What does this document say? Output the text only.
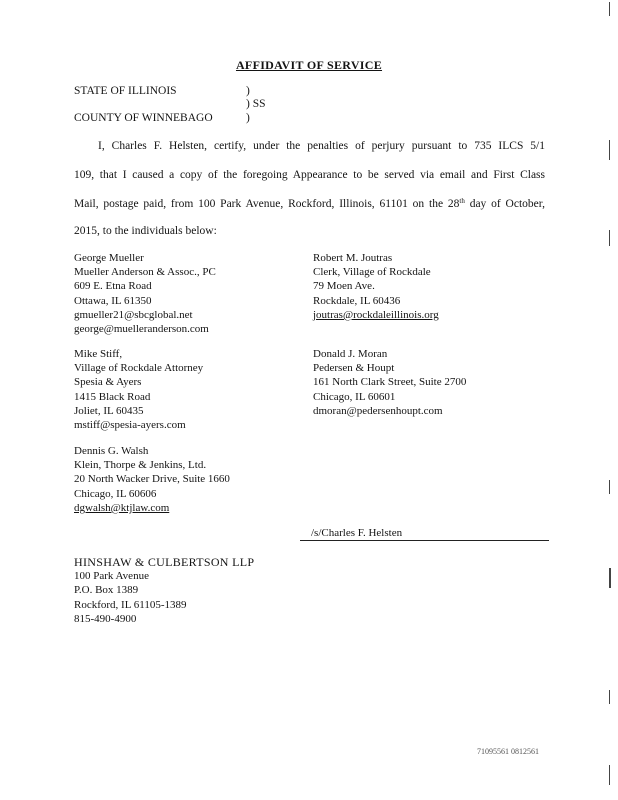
AFFIDAVIT OF SERVICE
STATE OF ILLINOIS	)
) SS
COUNTY OF WINNEBAGO	)
I, Charles F. Helsten, certify, under the penalties of perjury pursuant to 735 ILCS 5/1
109, that I caused a copy of the foregoing Appearance to be served via email and First Class
Mail, postage paid, from 100 Park Avenue, Rockford, Illinois, 61101 on the 28th day of October,
2015, to the individuals below:
George Mueller
Mueller Anderson & Assoc., PC
609 E. Etna Road
Ottawa, IL 61350
gmueller21@sbcglobal.net
george@muelleranderson.com
Mike Stiff,
Village of Rockdale Attorney
Spesia & Ayers
1415 Black Road
Joliet, IL 60435
mstiff@spesia-ayers.com
Dennis G. Walsh
Klein, Thorpe & Jenkins, Ltd.
20 North Wacker Drive, Suite 1660
Chicago, IL 60606
dgwalsh@ktjlaw.com
Robert M. Joutras
Clerk, Village of Rockdale
79 Moen Ave.
Rockdale, IL 60436
joutras@rockdaleillinois.org
Donald J. Moran
Pedersen & Houpt
161 North Clark Street, Suite 2700
Chicago, IL 60601
dmoran@pedersenhoupt.com
/s/Charles F. Helsten
HINSHAW & CULBERTSON LLP
100 Park Avenue
P.O. Box 1389
Rockford, IL 61105-1389
815-490-4900
71095561 0812561
